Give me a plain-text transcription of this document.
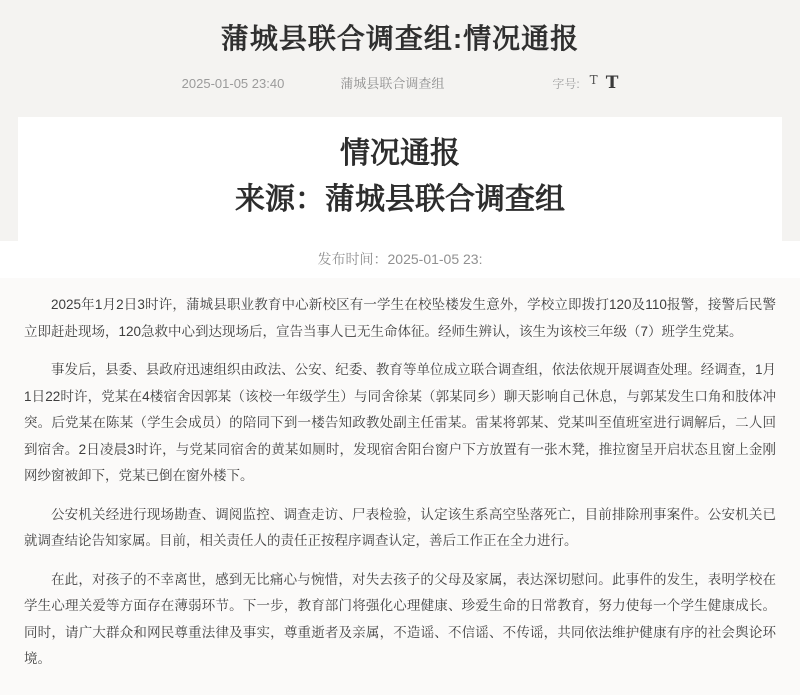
蒲城县联合调查组:情况通报
2025-01-05 23:40	蒲城县联合调查组	字号: T T
情况通报
来源：蒲城县联合调查组
发布时间：2025-01-05 23:

2025年1月2日3时许，蒲城县职业教育中心新校区有一学生在校坠楼发生意外，学校立即拨打120及110报警，接警后民警立即赶赴现场，120急救中心到达现场后，宣告当事人已无生命体征。经师生辨认，该生为该校三年级（7）班学生党某。

事发后，县委、县政府迅速组织由政法、公安、纪委、教育等单位成立联合调查组，依法依规开展调查处理。经调查，1月1日22时许，党某在4楼宿舍因郭某（该校一年级学生）与同舍徐某（郭某同乡）聊天影响自己休息，与郭某发生口角和肢体冲突。后党某在陈某（学生会成员）的陪同下到一楼告知政教处副主任雷某。雷某将郭某、党某叫至值班室进行调解后，二人回到宿舍。2日凌晨3时许，与党某同宿舍的黄某如厕时，发现宿舍阳台窗户下方放置有一张木凳，推拉窗呈开启状态且窗上金刚网纱窗被卸下，党某已倒在窗外楼下。

公安机关经进行现场勘查、调阅监控、调查走访、尸表检验，认定该生系高空坠落死亡，目前排除刑事案件。公安机关已就调查结论告知家属。目前，相关责任人的责任正按程序调查认定，善后工作正在全力进行。

在此，对孩子的不幸离世，感到无比痛心与惋惜，对失去孩子的父母及家属，表达深切慰问。此事件的发生，表明学校在学生心理关爱等方面存在薄弱环节。下一步，教育部门将强化心理健康、珍爱生命的日常教育，努力使每一个学生健康成长。同时，请广大群众和网民尊重法律及事实，尊重逝者及亲属，不造谣、不信谣、不传谣，共同依法维护健康有序的社会舆论环境。
